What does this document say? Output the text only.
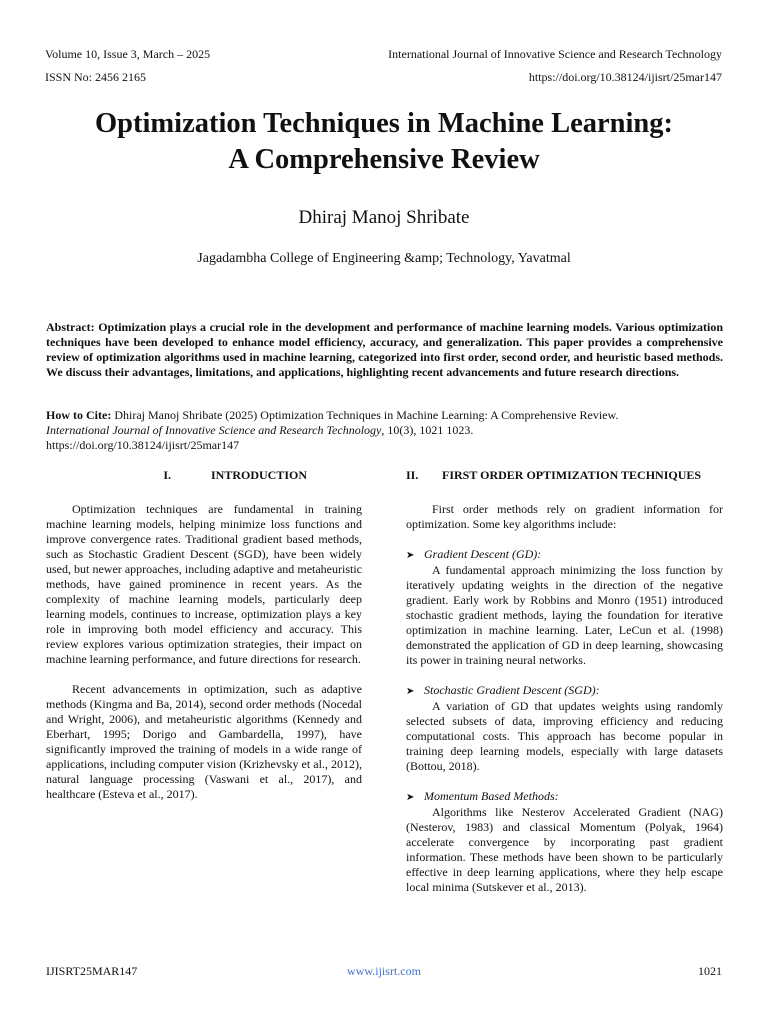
Volume 10, Issue 3, March – 2025
ISSN No: 2456 2165
International Journal of Innovative Science and Research Technology
https://doi.org/10.38124/ijisrt/25mar147
Optimization Techniques in Machine Learning:
A Comprehensive Review
Dhiraj Manoj Shribate
Jagadambha College of Engineering &amp; Technology, Yavatmal
Abstract: Optimization plays a crucial role in the development and performance of machine learning models. Various optimization techniques have been developed to enhance model efficiency, accuracy, and generalization. This paper provides a comprehensive review of optimization algorithms used in machine learning, categorized into first order, second order, and heuristic based methods. We discuss their advantages, limitations, and applications, highlighting recent advancements and future research directions.
How to Cite: Dhiraj Manoj Shribate (2025) Optimization Techniques in Machine Learning: A Comprehensive Review.
International Journal of Innovative Science and Research Technology, 10(3), 1021 1023.
https://doi.org/10.38124/ijisrt/25mar147
I.	INTRODUCTION

Optimization techniques are fundamental in training machine learning models, helping minimize loss functions and improve convergence rates. Traditional gradient based methods, such as Stochastic Gradient Descent (SGD), have been widely used, but newer approaches, including adaptive and metaheuristic methods, have gained prominence in recent years. As the complexity of machine learning models, particularly deep learning models, continues to increase, optimization plays a key role in improving both model efficiency and accuracy. This review explores various optimization strategies, their impact on machine learning performance, and future directions for research.

Recent advancements in optimization, such as adaptive methods (Kingma and Ba, 2014), second order methods (Nocedal and Wright, 2006), and metaheuristic algorithms (Kennedy and Eberhart, 1995; Dorigo and Gambardella, 1997), have significantly improved the training of models in a wide range of applications, including computer vision (Krizhevsky et al., 2012), natural language processing (Vaswani et al., 2017), and healthcare (Esteva et al., 2017).

II.	FIRST ORDER OPTIMIZATION TECHNIQUES

First order methods rely on gradient information for optimization. Some key algorithms include:

➤ Gradient Descent (GD):

A fundamental approach minimizing the loss function by iteratively updating weights in the direction of the negative gradient. Early work by Robbins and Monro (1951) introduced stochastic gradient methods, laying the foundation for iterative optimization in machine learning. Later, LeCun et al. (1998) demonstrated the application of GD in deep learning, showcasing its power in training neural networks.

➤ Stochastic Gradient Descent (SGD):

A variation of GD that updates weights using randomly selected subsets of data, improving efficiency and reducing computational costs. This approach has become popular in training deep learning models, especially with large datasets (Bottou, 2018).

➤ Momentum Based Methods:

Algorithms like Nesterov Accelerated Gradient (NAG) (Nesterov, 1983) and classical Momentum (Polyak, 1964) accelerate convergence by incorporating past gradient information. These methods have been shown to be particularly effective in deep learning applications, where they help escape local minima (Sutskever et al., 2013).

IJISRT25MAR147	www.ijisrt.com	1021
